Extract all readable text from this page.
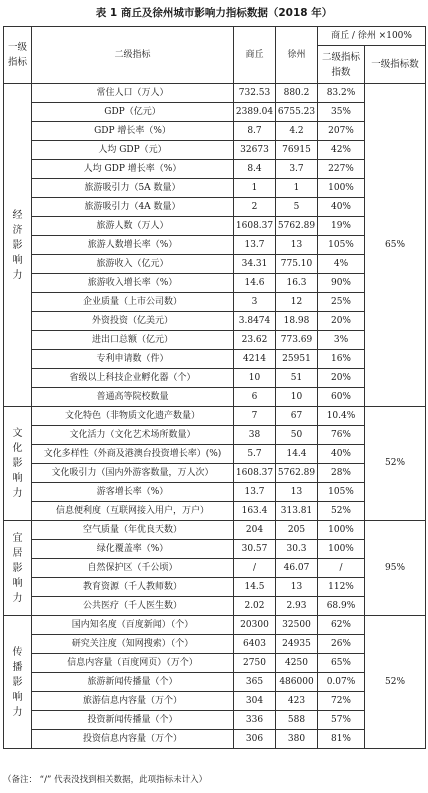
表 1 商丘及徐州城市影响力指标数据（2018 年）
一级指标	二级指标	商丘	徐州	商丘 / 徐州 ×100%	
				二级指标指数	一级指标数
经济影响力	常住人口（万人）	732.53	880.2	83.2%	65%
	GDP（亿元）	2389.04	6755.23	35%	
	GDP 增长率（%）	8.7	4.2	207%	
	人均 GDP（元）	32673	76915	42%	
	人均 GDP 增长率（%）	8.4	3.7	227%	
	旅游吸引力（5A 数量）	1	1	100%	
	旅游吸引力（4A 数量）	2	5	40%	
	旅游人数（万人）	1608.37	5762.89	19%	
	旅游人数增长率（%）	13.7	13	105%	
	旅游收入（亿元）	34.31	775.10	4%	
	旅游收入增长率（%）	14.6	16.3	90%	
	企业质量（上市公司数）	3	12	25%	
	外资投资（亿美元）	3.8474	18.98	20%	
	进出口总额（亿元）	23.62	773.69	3%	
	专利申请数（件）	4214	25951	16%	
	省级以上科技企业孵化器（个）	10	51	20%	
	普通高等院校数量	6	10	60%	
文化影响力	文化特色（非物质文化遗产数量）	7	67	10.4%	52%
	文化活力（文化艺术场所数量）	38	50	76%	
	文化多样性（外商及港澳台投资增长率）(%)	5.7	14.4	40%	
	文化吸引力（国内外游客数量，万人次）	1608.37	5762.89	28%	
	游客增长率（%）	13.7	13	105%	
	信息便利度（互联网接入用户，万户）	163.4	313.81	52%	
宜居影响力	空气质量（年优良天数）	204	205	100%	95%
	绿化覆盖率（%）	30.57	30.3	100%	
	自然保护区（千公顷）	/	46.07	/	
	教育资源（千人教师数）	14.5	13	112%	
	公共医疗（千人医生数）	2.02	2.93	68.9%	
传播影响力	国内知名度（百度新闻）（个）	20300	32500	62%	52%
	研究关注度（知网搜索）（个）	6403	24935	26%	
	信息内容量（百度网页）（万个）	2750	4250	65%	
	旅游新闻传播量（个）	365	486000	0.07%	
	旅游信息内容量（万个）	304	423	72%	
	投资新闻传播量（个）	336	588	57%	
	投资信息内容量（万个）	306	380	81%	
（备注： “/” 代表没找到相关数据，此项指标未计入）
